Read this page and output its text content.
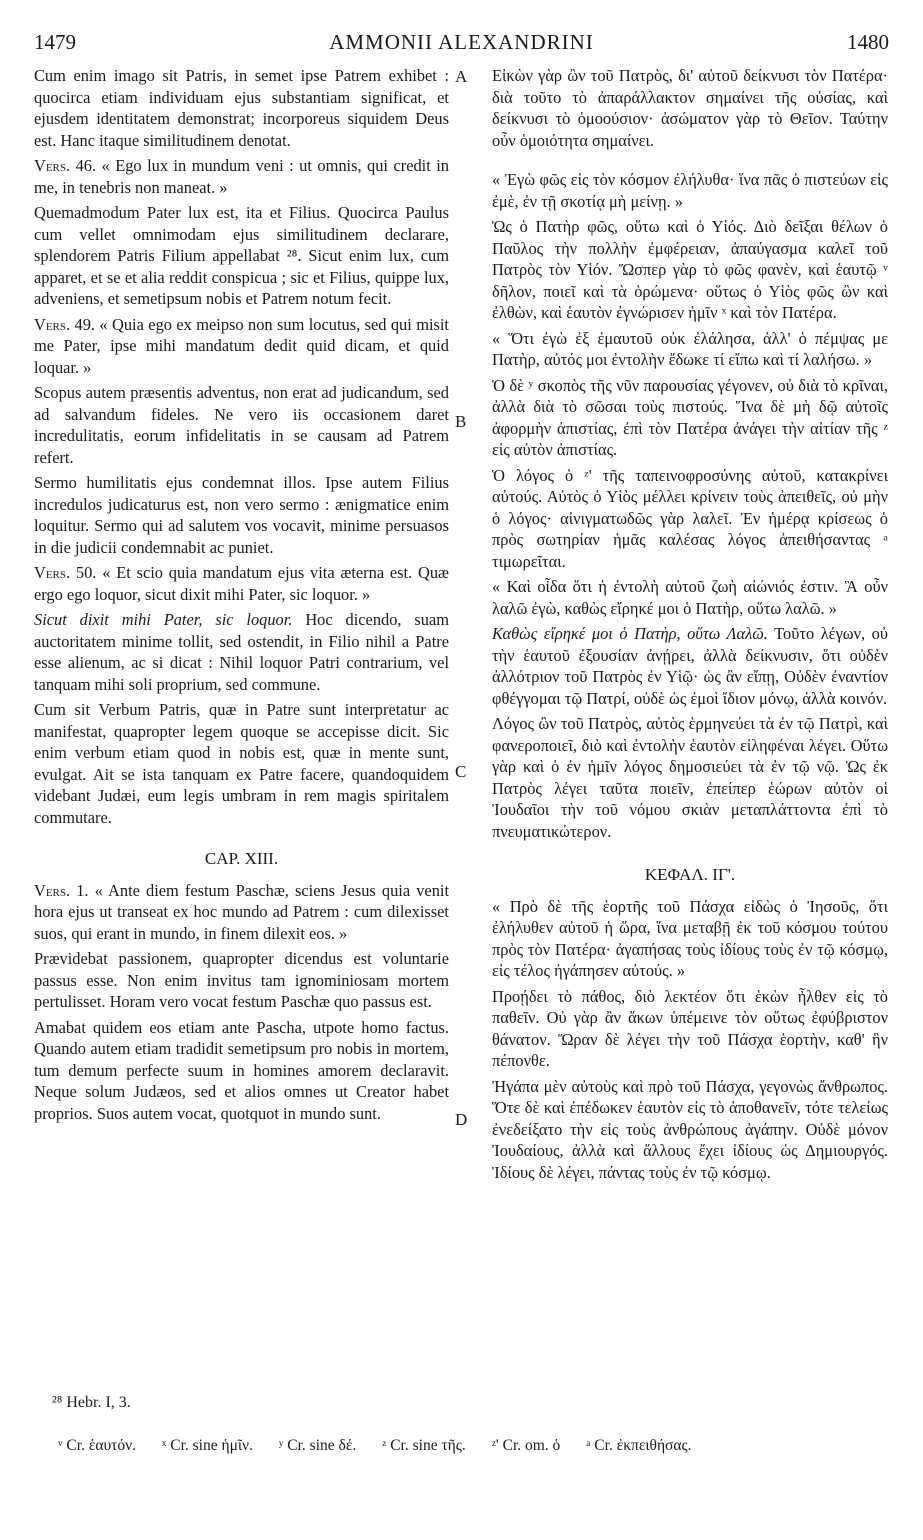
1479	AMMONII ALEXANDRINI	1480
A
B
C
D

Cum enim imago sit Patris, in semet ipse Patrem exhibet : quocirca etiam individuam ejus substantiam significat, et ejusdem identitatem demonstrat; incorporeus siquidem Deus est. Hanc itaque similitudinem denotat.

Vers. 46. « Ego lux in mundum veni : ut omnis, qui credit in me, in tenebris non maneat. »

Quemadmodum Pater lux est, ita et Filius. Quocirca Paulus cum vellet omnimodam ejus similitudinem declarare, splendorem Patris Filium appellabat ²⁸. Sicut enim lux, cum apparet, et se et alia reddit conspicua ; sic et Filius, quippe lux, adveniens, et semetipsum nobis et Patrem notum fecit.

Vers. 49. « Quia ego ex meipso non sum locutus, sed qui misit me Pater, ipse mihi mandatum dedit quid dicam, et quid loquar. »

Scopus autem præsentis adventus, non erat ad judicandum, sed ad salvandum fideles. Ne vero iis occasionem daret incredulitatis, eorum infidelitatis in se causam ad Patrem refert.

Sermo humilitatis ejus condemnat illos. Ipse autem Filius incredulos judicaturus est, non vero sermo : ænigmatice enim loquitur. Sermo qui ad salutem vos vocavit, minime persuasos in die judicii condemnabit ac puniet.

Vers. 50. « Et scio quia mandatum ejus vita æterna est. Quæ ergo ego loquor, sicut dixit mihi Pater, sic loquor. »

Sicut dixit mihi Pater, sic loquor. Hoc dicendo, suam auctoritatem minime tollit, sed ostendit, in Filio nihil a Patre esse alienum, ac si dicat : Nihil loquor Patri contrarium, vel tanquam mihi soli proprium, sed commune.

Cum sit Verbum Patris, quæ in Patre sunt interpretatur ac manifestat, quapropter legem quoque se accepisse dicit. Sic enim verbum etiam quod in nobis est, quæ in mente sunt, evulgat. Ait se ista tanquam ex Patre facere, quandoquidem videbant Judæi, eum legis umbram in rem magis spiritalem commutare.

CAP. XIII.

Vers. 1. « Ante diem festum Paschæ, sciens Jesus quia venit hora ejus ut transeat ex hoc mundo ad Patrem : cum dilexisset suos, qui erant in mundo, in finem dilexit eos. »

Prævidebat passionem, quapropter dicendus est voluntarie passus esse. Non enim invitus tam ignominiosam mortem pertulisset. Horam vero vocat festum Paschæ quo passus est.

Amabat quidem eos etiam ante Pascha, utpote homo factus. Quando autem etiam tradidit semetipsum pro nobis in mortem, tum demum perfecte suum in homines amorem declaravit. Neque solum Judæos, sed et alios omnes ut Creator habet proprios. Suos autem vocat, quotquot in mundo sunt.

Εἰκὼν γὰρ ὢν τοῦ Πατρὸς, δι' αὐτοῦ δείκνυσι τὸν Πατέρα· διὰ τοῦτο τὸ ἀπαράλλακτον σημαίνει τῆς οὐσίας, καὶ δείκνυσι τὸ ὁμοούσιον· ἀσώματον γὰρ τὸ Θεῖον. Ταύτην οὖν ὁμοιότητα σημαίνει.

« Ἐγὼ φῶς εἰς τὸν κόσμον ἐλήλυθα· ἵνα πᾶς ὁ πιστεύων εἰς ἐμὲ, ἐν τῇ σκοτίᾳ μὴ μείνῃ. »

Ὡς ὁ Πατὴρ φῶς, οὕτω καὶ ὁ Υἱός. Διὸ δεῖξαι θέλων ὁ Παῦλος τὴν πολλὴν ἐμφέρειαν, ἀπαύγασμα καλεῖ τοῦ Πατρὸς τὸν Υἱόν. Ὥσπερ γὰρ τὸ φῶς φανὲν, καὶ ἑαυτῷ ᵛ δῆλον, ποιεῖ καὶ τὰ ὁρώμενα· οὕτως ὁ Υἱὸς φῶς ὢν καὶ ἐλθὼν, καὶ ἑαυτὸν ἐγνώρισεν ἡμῖν ˣ καὶ τὸν Πατέρα.

« Ὅτι ἐγὼ ἐξ ἐμαυτοῦ οὐκ ἐλάλησα, ἀλλ' ὁ πέμψας με Πατὴρ, αὐτός μοι ἐντολὴν ἔδωκε τί εἴπω καὶ τί λαλήσω. »

Ὁ δὲ ʸ σκοπὸς τῆς νῦν παρουσίας γέγονεν, οὐ διὰ τὸ κρῖναι, ἀλλὰ διὰ τὸ σῶσαι τοὺς πιστούς. Ἵνα δὲ μὴ δῷ αὐτοῖς ἀφορμὴν ἀπιστίας, ἐπὶ τὸν Πατέρα ἀνάγει τὴν αἰτίαν τῆς ᶻ εἰς αὐτὸν ἀπιστίας.

Ὁ λόγος ὁ ᶻ' τῆς ταπεινοφροσύνης αὐτοῦ, κατακρίνει αὐτούς. Αὐτὸς ὁ Υἱὸς μέλλει κρίνειν τοὺς ἀπειθεῖς, οὐ μὴν ὁ λόγος· αἰνιγματωδῶς γὰρ λαλεῖ. Ἐν ἡμέρᾳ κρίσεως ὁ πρὸς σωτηρίαν ἡμᾶς καλέσας λόγος ἀπειθήσαντας ᵃ τιμωρεῖται.

« Καὶ οἶδα ὅτι ἡ ἐντολὴ αὐτοῦ ζωὴ αἰώνιός ἐστιν. Ἃ οὖν λαλῶ ἐγὼ, καθὼς εἴρηκέ μοι ὁ Πατὴρ, οὕτω λαλῶ. »

Καθὼς εἴρηκέ μοι ὁ Πατὴρ, οὕτω Λαλῶ. Τοῦτο λέγων, οὐ τὴν ἑαυτοῦ ἐξουσίαν ἀνῄρει, ἀλλὰ δείκνυσιν, ὅτι οὐδὲν ἀλλότριον τοῦ Πατρὸς ἐν Υἱῷ· ὡς ἂν εἴπῃ, Οὐδὲν ἐναντίον φθέγγομαι τῷ Πατρί, οὐδὲ ὡς ἐμοὶ ἴδιον μόνῳ, ἀλλὰ κοινόν.

Λόγος ὢν τοῦ Πατρὸς, αὐτὸς ἑρμηνεύει τὰ ἐν τῷ Πατρὶ, καὶ φανεροποιεῖ, διὸ καὶ ἐντολὴν ἑαυτὸν εἰληφέναι λέγει. Οὕτω γὰρ καὶ ὁ ἐν ἡμῖν λόγος δημοσιεύει τὰ ἐν τῷ νῷ. Ὡς ἐκ Πατρὸς λέγει ταῦτα ποιεῖν, ἐπείπερ ἑώρων αὐτὸν οἱ Ἰουδαῖοι τὴν τοῦ νόμου σκιὰν μεταπλάττοντα ἐπὶ τὸ πνευματικώτερον.

ΚΕΦΑΛ. ΙΓ'.

« Πρὸ δὲ τῆς ἑορτῆς τοῦ Πάσχα εἰδὼς ὁ Ἰησοῦς, ὅτι ἐλήλυθεν αὐτοῦ ἡ ὥρα, ἵνα μεταβῇ ἐκ τοῦ κόσμου τούτου πρὸς τὸν Πατέρα· ἀγαπήσας τοὺς ἰδίους τοὺς ἐν τῷ κόσμῳ, εἰς τέλος ἠγάπησεν αὐτούς. »

Προῄδει τὸ πάθος, διὸ λεκτέον ὅτι ἑκὼν ἦλθεν εἰς τὸ παθεῖν. Οὐ γὰρ ἂν ἄκων ὑπέμεινε τὸν οὕτως ἐφύβριστον θάνατον. Ὥραν δὲ λέγει τὴν τοῦ Πάσχα ἑορτὴν, καθ' ἣν πέπονθε.

Ἠγάπα μὲν αὐτοὺς καὶ πρὸ τοῦ Πάσχα, γεγονὼς ἄνθρωπος. Ὅτε δὲ καὶ ἐπέδωκεν ἑαυτὸν εἰς τὸ ἀποθανεῖν, τότε τελείως ἐνεδείξατο τὴν εἰς τοὺς ἀνθρώπους ἀγάπην. Οὐδὲ μόνον Ἰουδαίους, ἀλλὰ καὶ ἄλλους ἔχει ἰδίους ὡς Δημιουργός. Ἰδίους δὲ λέγει, πάντας τοὺς ἐν τῷ κόσμῳ.

²⁸ Hebr. I, 3.
ᵛ Cr. ἑαυτόν. ˣ Cr. sine ἡμῖν. ʸ Cr. sine δέ. ᶻ Cr. sine τῆς. ᶻ' Cr. om. ὁ ᵃ Cr. ἐκπειθήσας.
